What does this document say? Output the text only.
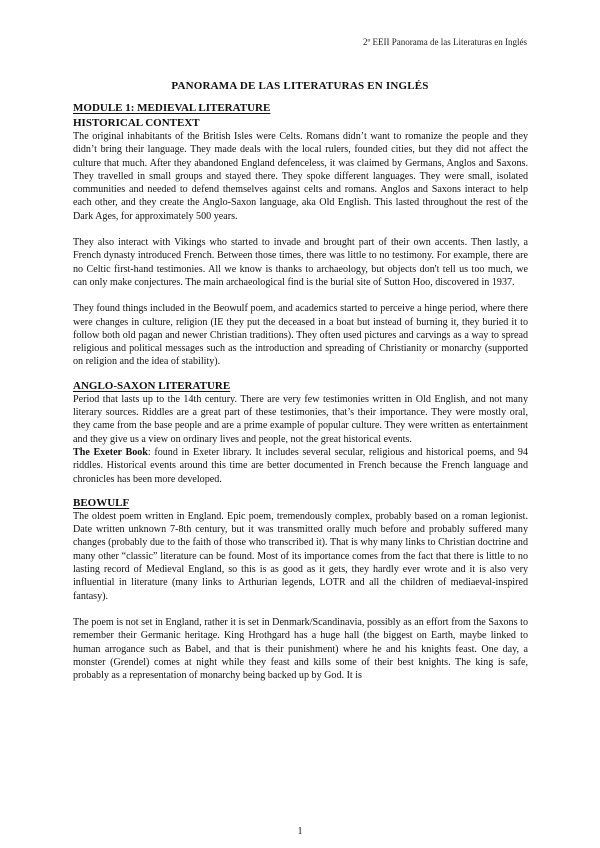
2º EEII Panorama de las Literaturas en Inglés
PANORAMA DE LAS LITERATURAS EN INGLÉS
MODULE 1: MEDIEVAL LITERATURE
HISTORICAL CONTEXT

The original inhabitants of the British Isles were Celts. Romans didn’t want to romanize the people and they didn’t bring their language. They made deals with the local rulers, founded cities, but they did not affect the culture that much. After they abandoned England defenceless, it was claimed by Germans, Anglos and Saxons. They travelled in small groups and stayed there. They spoke different languages. They were small, isolated communities and needed to defend themselves against celts and romans. Anglos and Saxons interact to help each other, and they create the Anglo-Saxon language, aka Old English. This lasted throughout the rest of the Dark Ages, for approximately 500 years.

They also interact with Vikings who started to invade and brought part of their own accents. Then lastly, a French dynasty introduced French. Between those times, there was little to no testimony. For example, there are no Celtic first-hand testimonies. All we know is thanks to archaeology, but objects don't tell us too much, we can only make conjectures. The main archaeological find is the burial site of Sutton Hoo, discovered in 1937.

They found things included in the Beowulf poem, and academics started to perceive a hinge period, where there were changes in culture, religion (IE they put the deceased in a boat but instead of burning it, they buried it to follow both old pagan and newer Christian traditions). They often used pictures and carvings as a way to spread religious and political messages such as the introduction and spreading of Christianity or monarchy (supported on religion and the idea of stability).

ANGLO-SAXON LITERATURE

Period that lasts up to the 14th century. There are very few testimonies written in Old English, and not many literary sources. Riddles are a great part of these testimonies, that’s their importance. They were mostly oral, they came from the base people and are a prime example of popular culture. They were written as entertainment and they give us a view on ordinary lives and people, not the great historical events.

The Exeter Book: found in Exeter library. It includes several secular, religious and historical poems, and 94 riddles. Historical events around this time are better documented in French because the French language and chronicles has been more developed.

BEOWULF

The oldest poem written in England. Epic poem, tremendously complex, probably based on a roman legionist. Date written unknown 7-8th century, but it was transmitted orally much before and probably suffered many changes (probably due to the faith of those who transcribed it). That is why many links to Christian doctrine and many other “classic” literature can be found. Most of its importance comes from the fact that there is little to no lasting record of Medieval England, so this is as good as it gets, they hardly ever wrote and it is also very influential in literature (many links to Arthurian legends, LOTR and all the children of mediaeval-inspired fantasy).

The poem is not set in England, rather it is set in Denmark/Scandinavia, possibly as an effort from the Saxons to remember their Germanic heritage. King Hrothgard has a huge hall (the biggest on Earth, maybe linked to human arrogance such as Babel, and that is their punishment) where he and his knights feast. One day, a monster (Grendel) comes at night while they feast and kills some of their best knights. The king is safe, probably as a representation of monarchy being backed up by God. It is

1
